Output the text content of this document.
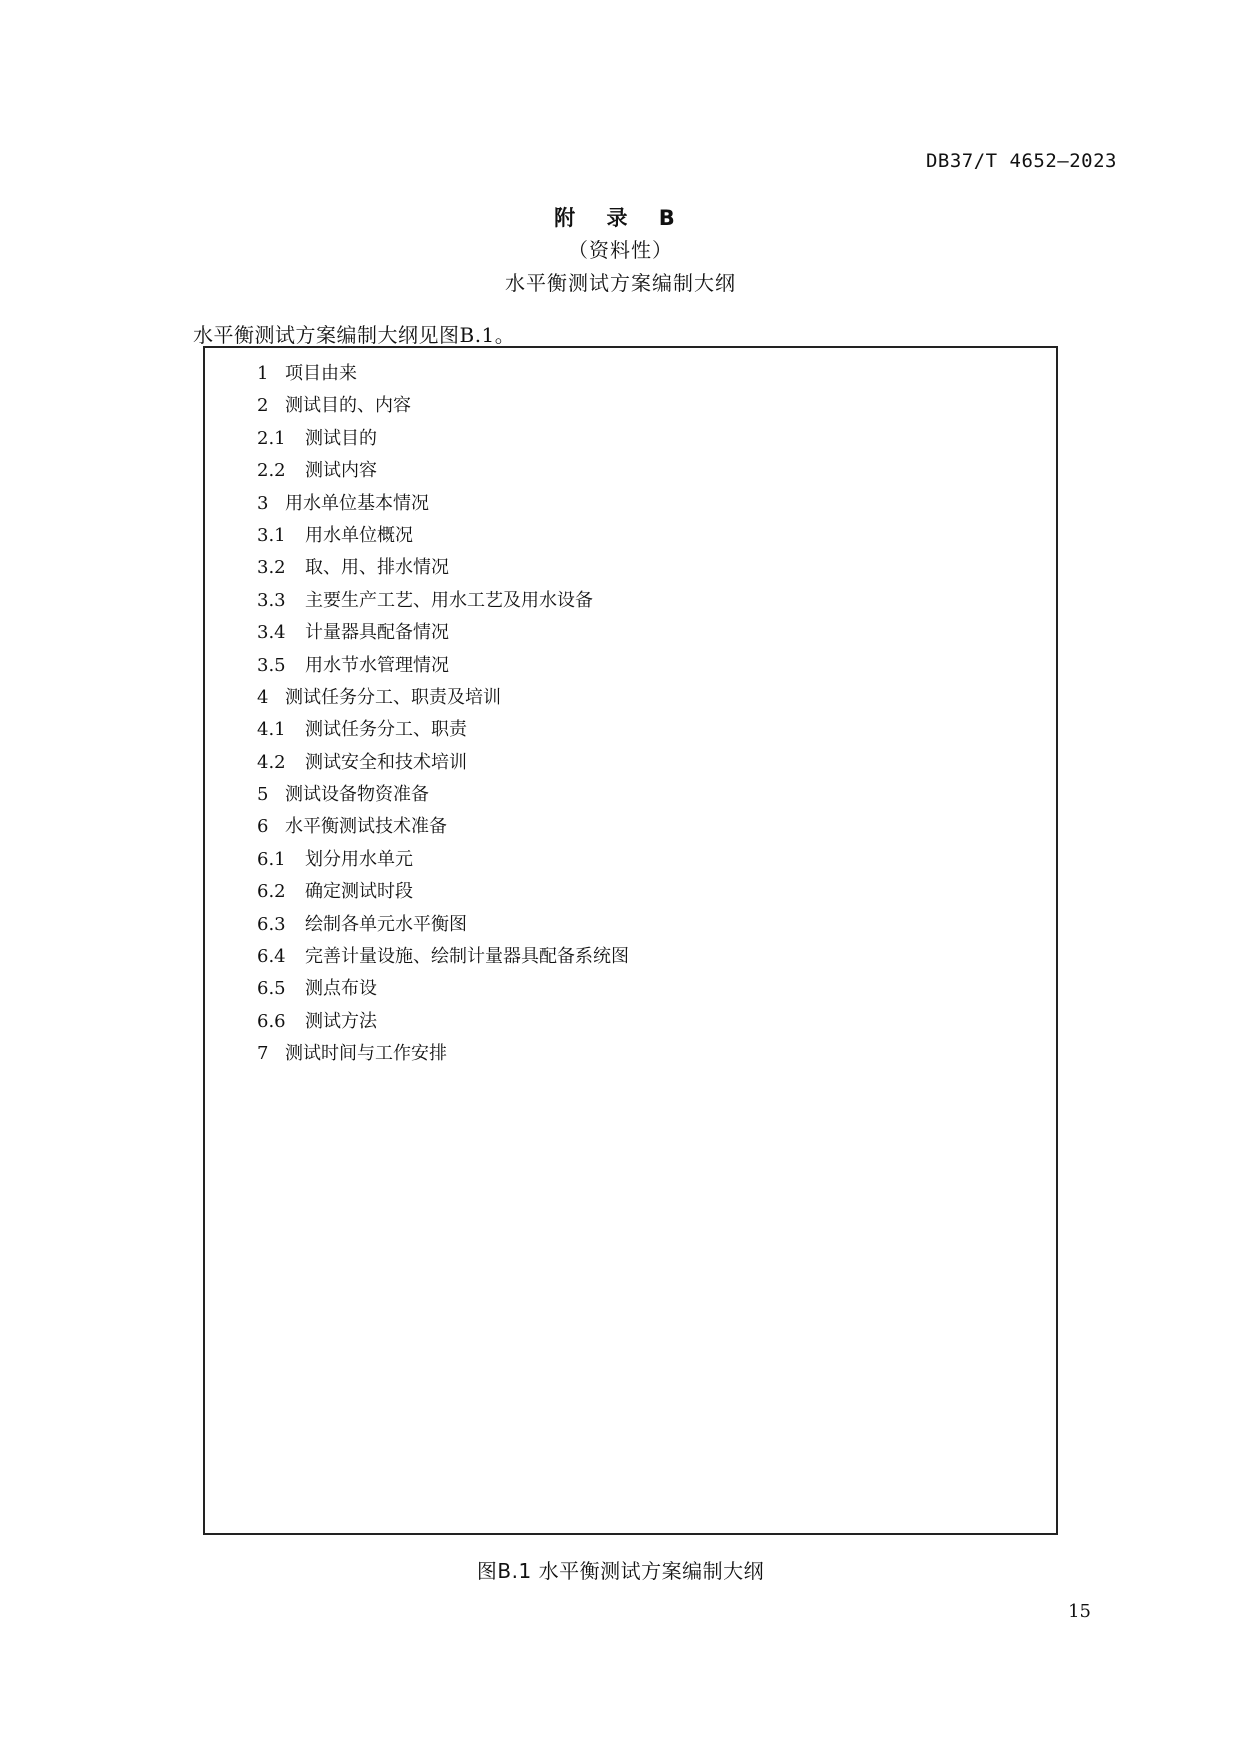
DB37/T 4652—2023
附 录 B
（资料性）
水平衡测试方案编制大纲
水平衡测试方案编制大纲见图B.1。
1 项目由来
2 测试目的、内容
2.1	测试目的
2.2	测试内容
3 用水单位基本情况
3.1	用水单位概况
3.2	取、用、排水情况
3.3	主要生产工艺、用水工艺及用水设备
3.4	计量器具配备情况
3.5	用水节水管理情况
4 测试任务分工、职责及培训
4.1	测试任务分工、职责
4.2	测试安全和技术培训
5 测试设备物资准备
6 水平衡测试技术准备
6.1	划分用水单元
6.2	确定测试时段
6.3	绘制各单元水平衡图
6.4	完善计量设施、绘制计量器具配备系统图
6.5	测点布设
6.6	测试方法
7 测试时间与工作安排
图B.1 水平衡测试方案编制大纲
15
